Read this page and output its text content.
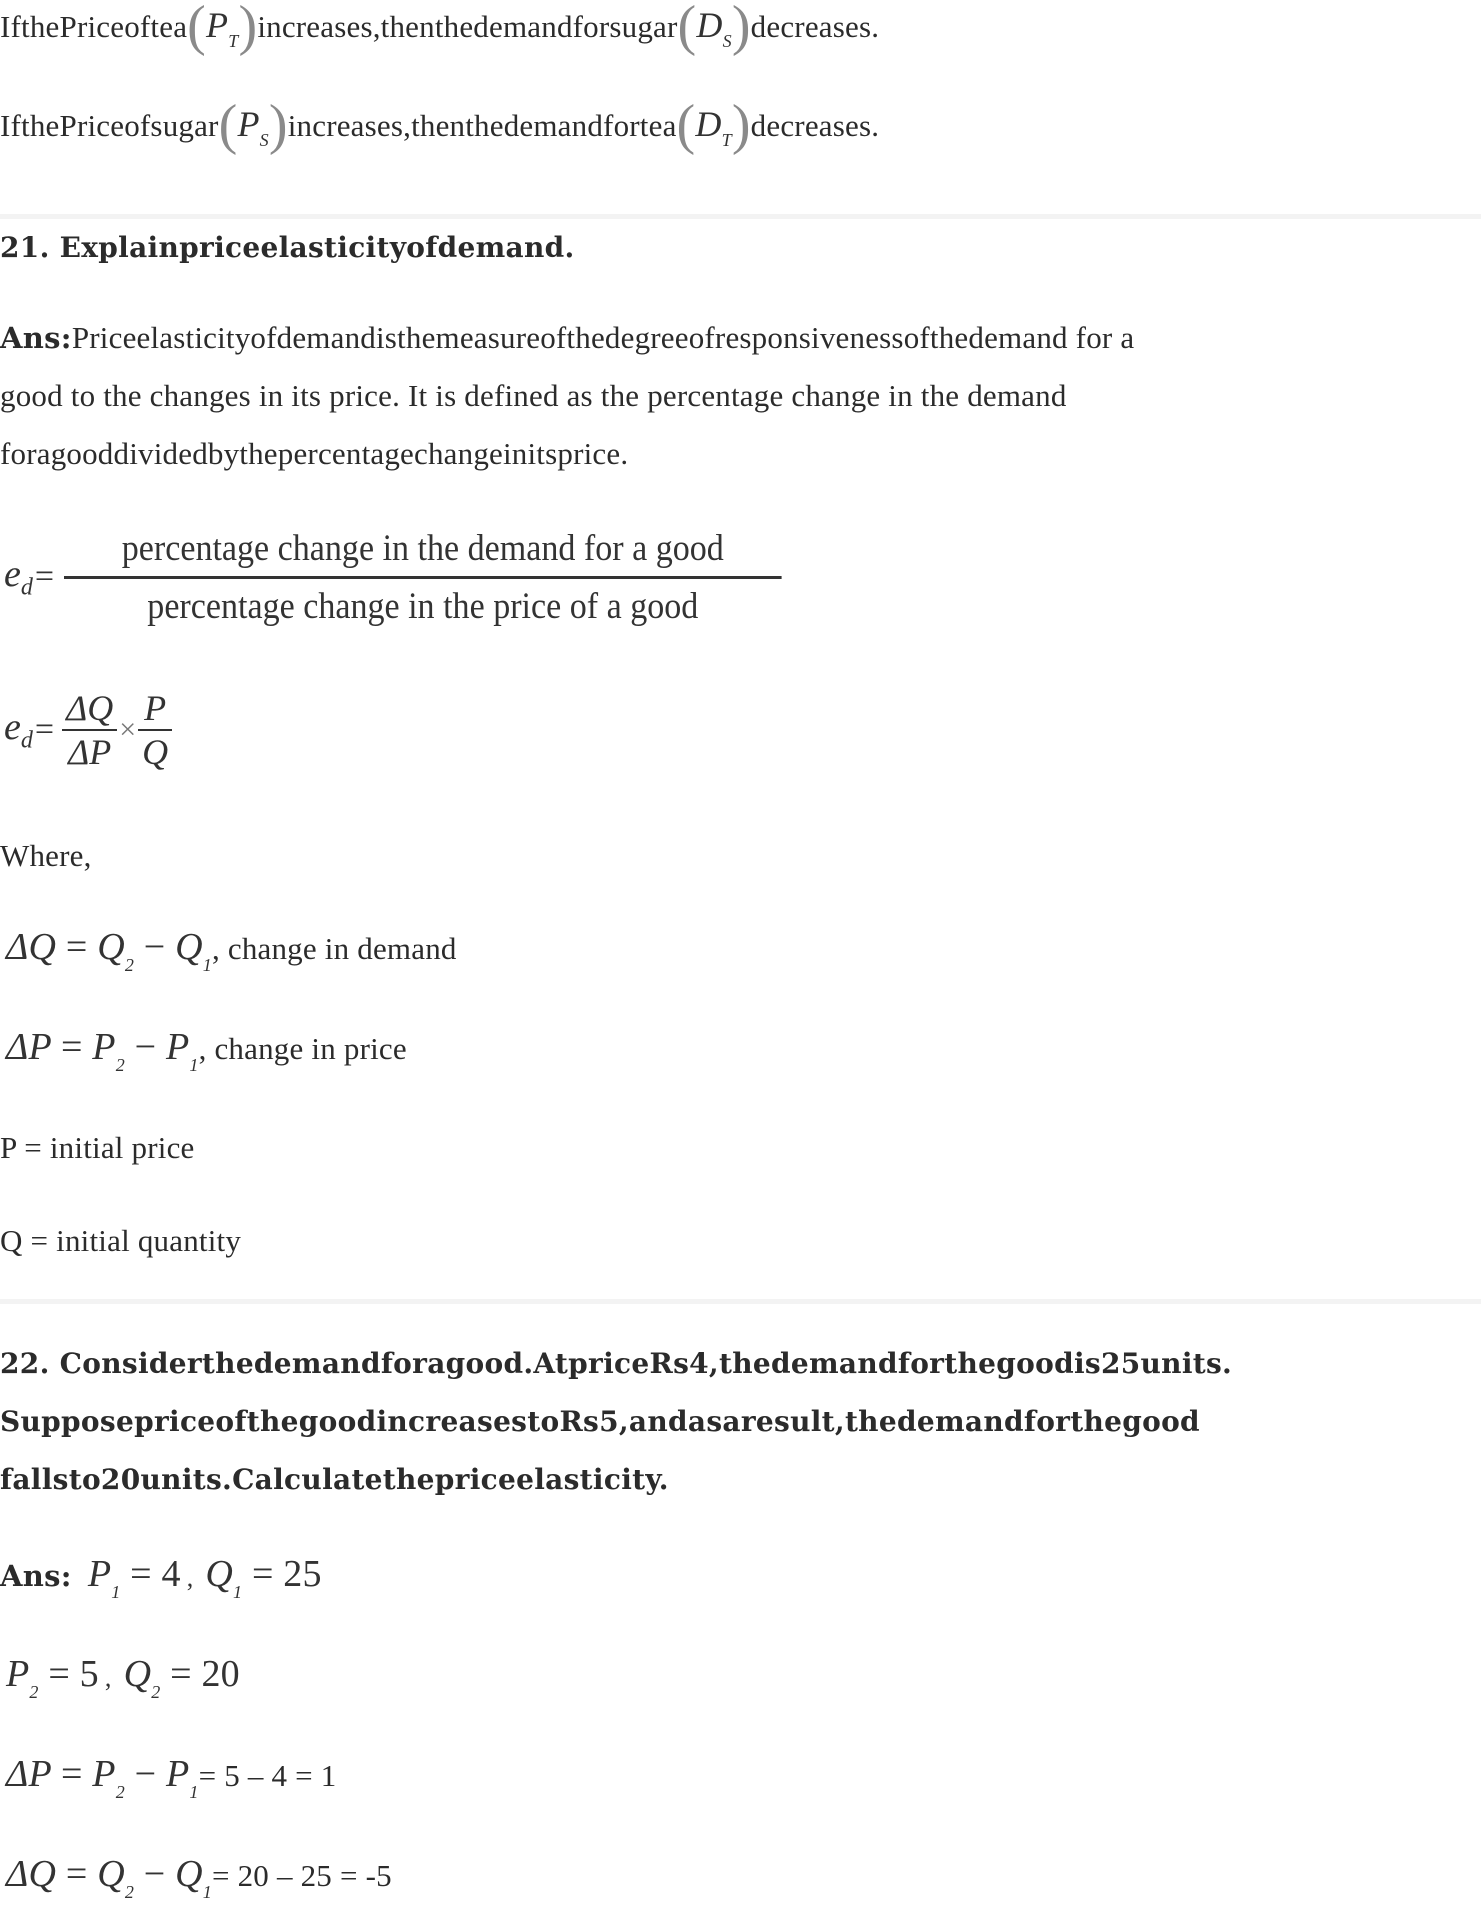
$IfthePriceoftea(P_T)increases,thenthedemandforsugar(D_S)decreases$.
$IfthePriceofsugar(P_S)increases,thenthedemandfortea(D_T)decreases$.
21. Explainpriceelasticityofdemand.
Ans:Priceelasticityofdemandisthemeasureofthedegreeofresponsivenessofthedemand for a
good to the changes in its price. It is defined as the percentage change in the demand
foragooddividedbythepercentagechangeinitsprice.
$e_d = \frac{\text{percentage change in the demand for a good}}{\text{percentage change in the price of a good}}$
$e_d = \frac{\Delta Q}{\Delta P} \times \frac{P}{Q}$
Where,
$\Delta Q = Q_2 - Q_1$, change in demand
$\Delta P = P_2 - P_1$, change in price
P = initial price
Q = initial quantity
22. Considerthedemandforagood.AtpriceRs4,thedemandforthegoodis25units.
SupposepriceofthegoodincreasestoRs5,andasaresult,thedemandforthegood
fallsto20units.Calculatethepriceelasticity.
Ans: $P_1 = 4$ , $Q_1 = 25$
$P_2 = 5$ , $Q_2 = 20$
$\Delta P = P_2 - P_1= 5 - 4 = 1$
$\Delta Q = Q_2 - Q_1= 20 - 25 = -5$
